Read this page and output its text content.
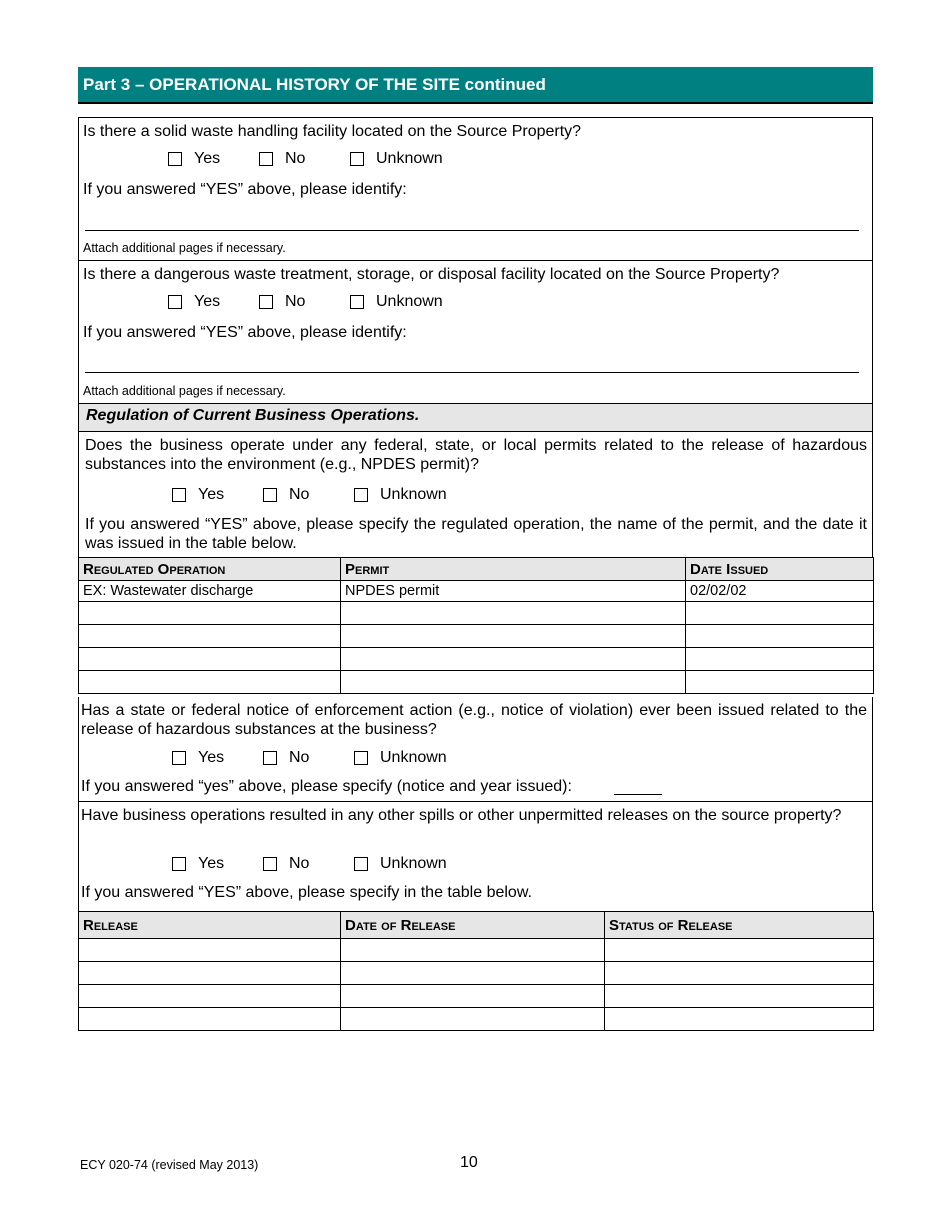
Part 3 – OPERATIONAL HISTORY OF THE SITE continued
Is there a solid waste handling facility located on the Source Property?
Yes	No	Unknown
If you answered “YES” above, please identify:
Attach additional pages if necessary.
Is there a dangerous waste treatment, storage, or disposal facility located on the Source Property?
Yes	No	Unknown
If you answered “YES” above, please identify:
Attach additional pages if necessary.
Regulation of Current Business Operations.
Does the business operate under any federal, state, or local permits related to the release of hazardous substances into the environment (e.g., NPDES permit)?
Yes	No	Unknown
If you answered “YES” above, please specify the regulated operation, the name of the permit, and the date it was issued in the table below.
Regulated Operation	Permit	Date Issued
EX: Wastewater discharge	NPDES permit	02/02/02

Has a state or federal notice of enforcement action (e.g., notice of violation) ever been issued related to the release of hazardous substances at the business?
Yes	No	Unknown
If you answered “yes” above, please specify (notice and year issued):
Have business operations resulted in any other spills or other unpermitted releases on the source property?
Yes	No	Unknown
If you answered “YES” above, please specify in the table below.
Release	Date of Release	Status of Release

ECY 020-74 (revised May 2013)	10
